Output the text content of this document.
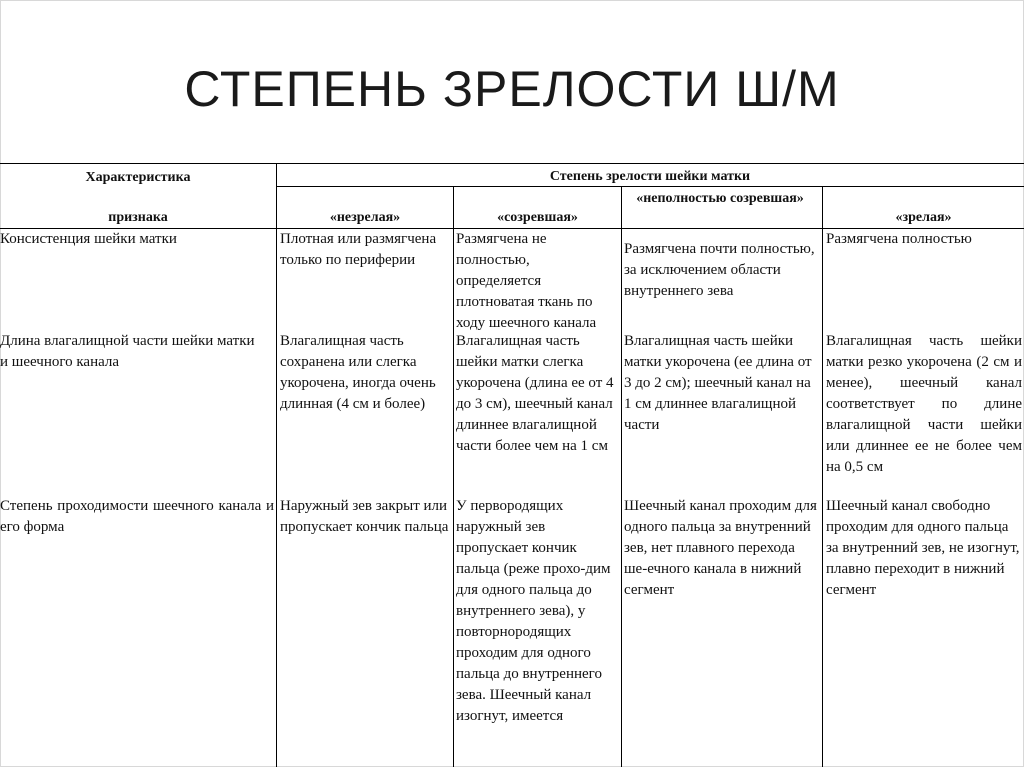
СТЕПЕНЬ ЗРЕЛОСТИ Ш/М
Характеристика
признака
Степень зрелости шейки матки
«незрелая»	«созревшая»
«неполностью созревшая»
«зрелая»
Консистенция шейки матки	Плотная или размягчена только по периферии
Размягчена не полностью, определяется плотноватая ткань по ходу шеечного канала
Размягчена почти полностью, за исключением области внутреннего зева
Размягчена полностью
Длина влагалищной части шейки матки и шеечного канала
Влагалищная часть сохранена или слегка укорочена, иногда очень длинная (4 см и более)
Влагалищная часть шейки матки слегка укорочена (длина ее от 4 до 3 см), шеечный канал длиннее влагалищной части более чем на 1 см
Влагалищная часть шейки матки укорочена (ее длина от 3 до 2 см); шеечный канал на 1 см длиннее влагалищной части
Влагалищная часть шейки матки резко укорочена (2 см и менее), шеечный канал соответствует по длине влагалищной части шейки или длиннее ее не более чем на 0,5 см
Степень проходимости шеечного канала и его форма
Наружный зев закрыт или пропускает кончик пальца
У первородящих наружный зев пропускает кончик пальца (реже прохо-дим для одного пальца до внутреннего зева), у повторнородящих проходим для одного пальца до внутреннего зева. Шеечный канал изогнут, имеется
Шеечный канал проходим для одного пальца за внутренний зев, нет плавного перехода ше-ечного канала в нижний сегмент
Шеечный канал свободно проходим для одного пальца за внутренний зев, не изогнут, плавно переходит в нижний сегмент
